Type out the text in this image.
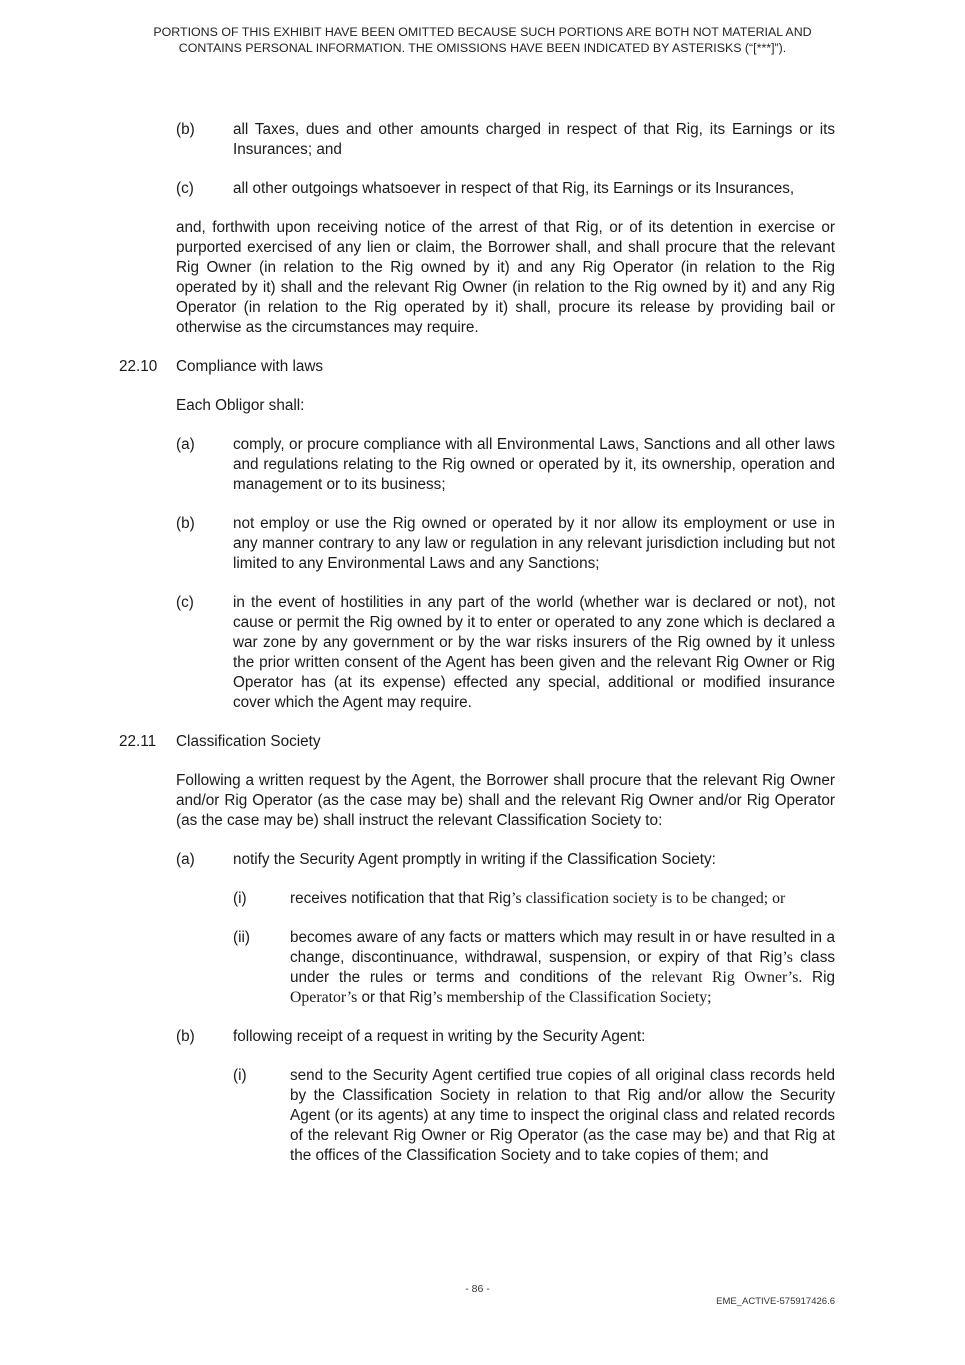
PORTIONS OF THIS EXHIBIT HAVE BEEN OMITTED BECAUSE SUCH PORTIONS ARE BOTH NOT MATERIAL AND
CONTAINS PERSONAL INFORMATION. THE OMISSIONS HAVE BEEN INDICATED BY ASTERISKS (“[***]”).
(b)	all Taxes, dues and other amounts charged in respect of that Rig, its Earnings or its Insurances; and
(c)	all other outgoings whatsoever in respect of that Rig, its Earnings or its Insurances,
and, forthwith upon receiving notice of the arrest of that Rig, or of its detention in exercise or purported exercised of any lien or claim, the Borrower shall, and shall procure that the relevant Rig Owner (in relation to the Rig owned by it) and any Rig Operator (in relation to the Rig operated by it) shall and the relevant Rig Owner (in relation to the Rig owned by it) and any Rig Operator (in relation to the Rig operated by it) shall, procure its release by providing bail or otherwise as the circumstances may require.
22.10 Compliance with laws
Each Obligor shall:
(a)	comply, or procure compliance with all Environmental Laws, Sanctions and all other laws and regulations relating to the Rig owned or operated by it, its ownership, operation and management or to its business;
(b)	not employ or use the Rig owned or operated by it nor allow its employment or use in any manner contrary to any law or regulation in any relevant jurisdiction including but not limited to any Environmental Laws and any Sanctions;
(c)	in the event of hostilities in any part of the world (whether war is declared or not), not cause or permit the Rig owned by it to enter or operated to any zone which is declared a war zone by any government or by the war risks insurers of the Rig owned by it unless the prior written consent of the Agent has been given and the relevant Rig Owner or Rig Operator has (at its expense) effected any special, additional or modified insurance cover which the Agent may require.
22.11 Classification Society
Following a written request by the Agent, the Borrower shall procure that the relevant Rig Owner and/or Rig Operator (as the case may be) shall and the relevant Rig Owner and/or Rig Operator (as the case may be) shall instruct the relevant Classification Society to:
(a)	notify the Security Agent promptly in writing if the Classification Society:
(i)	receives notification that that Rig’s classification society is to be changed; or
(ii)	becomes aware of any facts or matters which may result in or have resulted in a change, discontinuance, withdrawal, suspension, or expiry of that Rig’s class under the rules or terms and conditions of the relevant Rig Owner’s. Rig Operator’s or that Rig’s membership of the Classification Society;
(b)	following receipt of a request in writing by the Security Agent:
(i)	send to the Security Agent certified true copies of all original class records held by the Classification Society in relation to that Rig and/or allow the Security Agent (or its agents) at any time to inspect the original class and related records of the relevant Rig Owner or Rig Operator (as the case may be) and that Rig at the offices of the Classification Society and to take copies of them; and
- 86 -
EME_ACTIVE-575917426.6
